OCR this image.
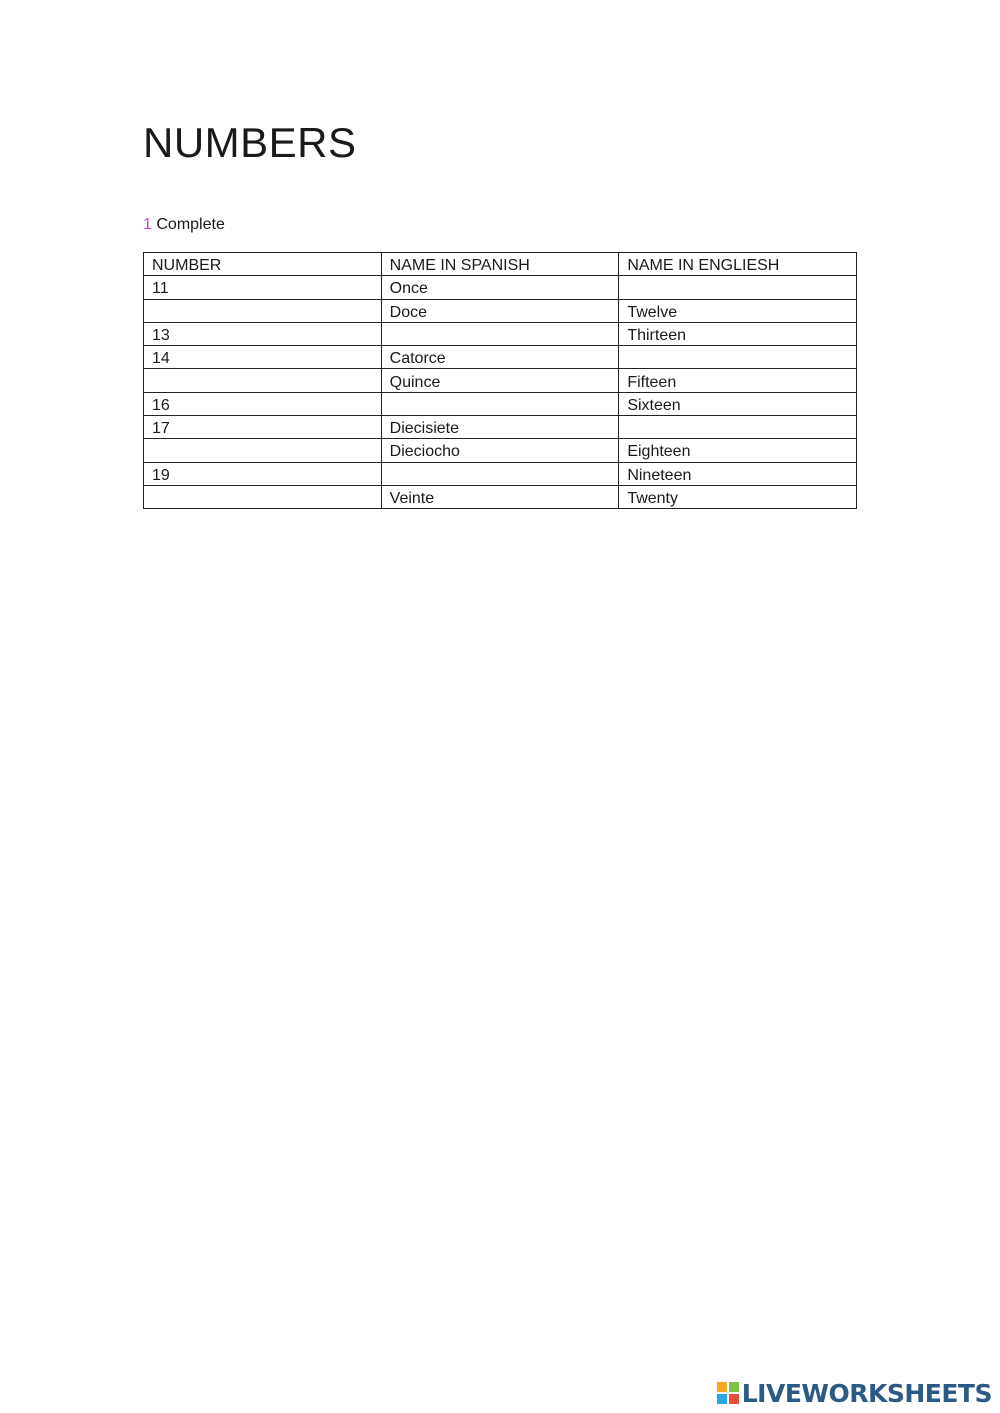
NUMBERS
1 Complete
NUMBER	NAME IN SPANISH	NAME IN ENGLIESH
11	Once	
	Doce	Twelve
13		Thirteen
14	Catorce	
	Quince	Fifteen
16		Sixteen
17	Diecisiete	
	Dieciocho	Eighteen
19		Nineteen
	Veinte	Twenty
LIVEWORKSHEETS
